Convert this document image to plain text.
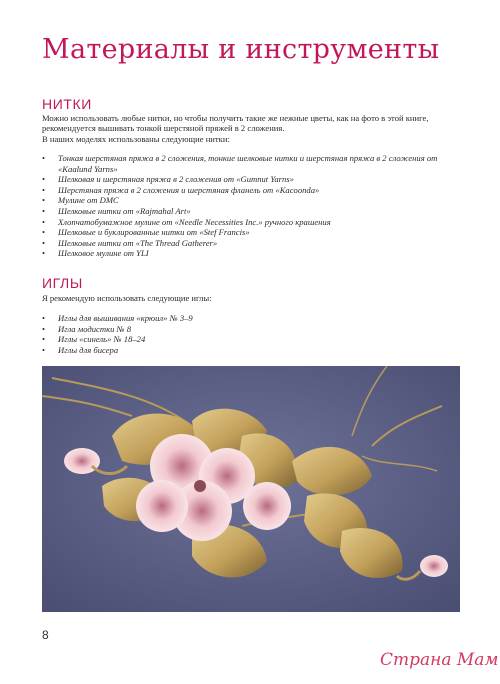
Материалы и инструменты
НИТКИ

Можно использовать любые нитки, но чтобы получить такие же нежные цветы, как на фото в этой книге, рекомендуется вышивать тонкой шерстяной пряжей в 2 сложения.

В наших моделях использованы следующие нитки:

• Тонкая шерстяная пряжа в 2 сложения, тонкие шелковые нитки и шерстяная пряжа в 2 сложения от «Kaalund Yarns»
• Шелковая и шерстяная пряжа в 2 сложения от «Gumnut Yarns»
• Шерстяная пряжа в 2 сложения и шерстяная фланель от «Kacoonda»
• Мулине от DMC
• Шелковые нитки от «Rajmahal Art»
• Хлопчатобумажное мулине от «Needle Necessities Inc.» ручного крашения
• Шелковые и буклированные нитки от «Stef Francis»
• Шелковые нитки от «The Thread Gatherer»
• Шелковое мулине от YLI
ИГЛЫ

Я рекомендую использовать следующие иглы:

• Иглы для вышивания «крюил» № 3–9
• Игла модистки № 8
• Иглы «синель» № 18–24
• Иглы для бисера
8
Страна Мам
